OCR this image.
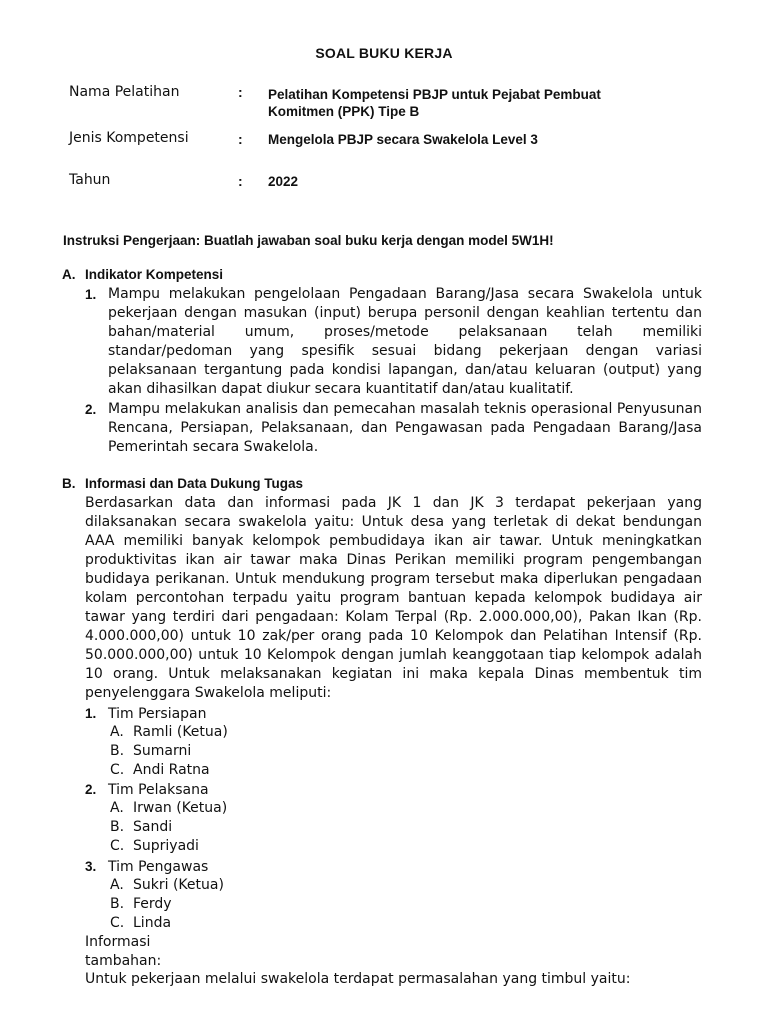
SOAL BUKU KERJA
Nama Pelatihan	: Pelatihan Kompetensi PBJP untuk Pejabat Pembuat Komitmen (PPK) Tipe B
Jenis Kompetensi	: Mengelola PBJP secara Swakelola Level 3
Tahun	: 2022
Instruksi Pengerjaan: Buatlah jawaban soal buku kerja dengan model 5W1H!
A. Indikator Kompetensi
1. Mampu melakukan pengelolaan Pengadaan Barang/Jasa secara Swakelola untuk pekerjaan dengan masukan (input) berupa personil dengan keahlian tertentu dan bahan/material umum, proses/metode pelaksanaan telah memiliki standar/pedoman yang spesifik sesuai bidang pekerjaan dengan variasi pelaksanaan tergantung pada kondisi lapangan, dan/atau keluaran (output) yang akan dihasilkan dapat diukur secara kuantitatif dan/atau kualitatif.
2. Mampu melakukan analisis dan pemecahan masalah teknis operasional Penyusunan Rencana, Persiapan, Pelaksanaan, dan Pengawasan pada Pengadaan Barang/Jasa Pemerintah secara Swakelola.
B. Informasi dan Data Dukung Tugas
Berdasarkan data dan informasi pada JK 1 dan JK 3 terdapat pekerjaan yang dilaksanakan secara swakelola yaitu: Untuk desa yang terletak di dekat bendungan AAA memiliki banyak kelompok pembudidaya ikan air tawar. Untuk meningkatkan produktivitas ikan air tawar maka Dinas Perikan memiliki program pengembangan budidaya perikanan. Untuk mendukung program tersebut maka diperlukan pengadaan kolam percontohan terpadu yaitu program bantuan kepada kelompok budidaya air tawar yang terdiri dari pengadaan: Kolam Terpal (Rp. 2.000.000,00), Pakan Ikan (Rp. 4.000.000,00) untuk 10 zak/per orang pada 10 Kelompok dan Pelatihan Intensif (Rp. 50.000.000,00) untuk 10 Kelompok dengan jumlah keanggotaan tiap kelompok adalah 10 orang. Untuk melaksanakan kegiatan ini maka kepala Dinas membentuk tim penyelenggara Swakelola meliputi:
1. Tim Persiapan
A. Ramli (Ketua)
B. Sumarni
C. Andi Ratna
2. Tim Pelaksana
A. Irwan (Ketua)
B. Sandi
C. Supriyadi
3. Tim Pengawas
A. Sukri (Ketua)
B. Ferdy
C. Linda
Informasi tambahan:
Untuk pekerjaan melalui swakelola terdapat permasalahan yang timbul yaitu:
